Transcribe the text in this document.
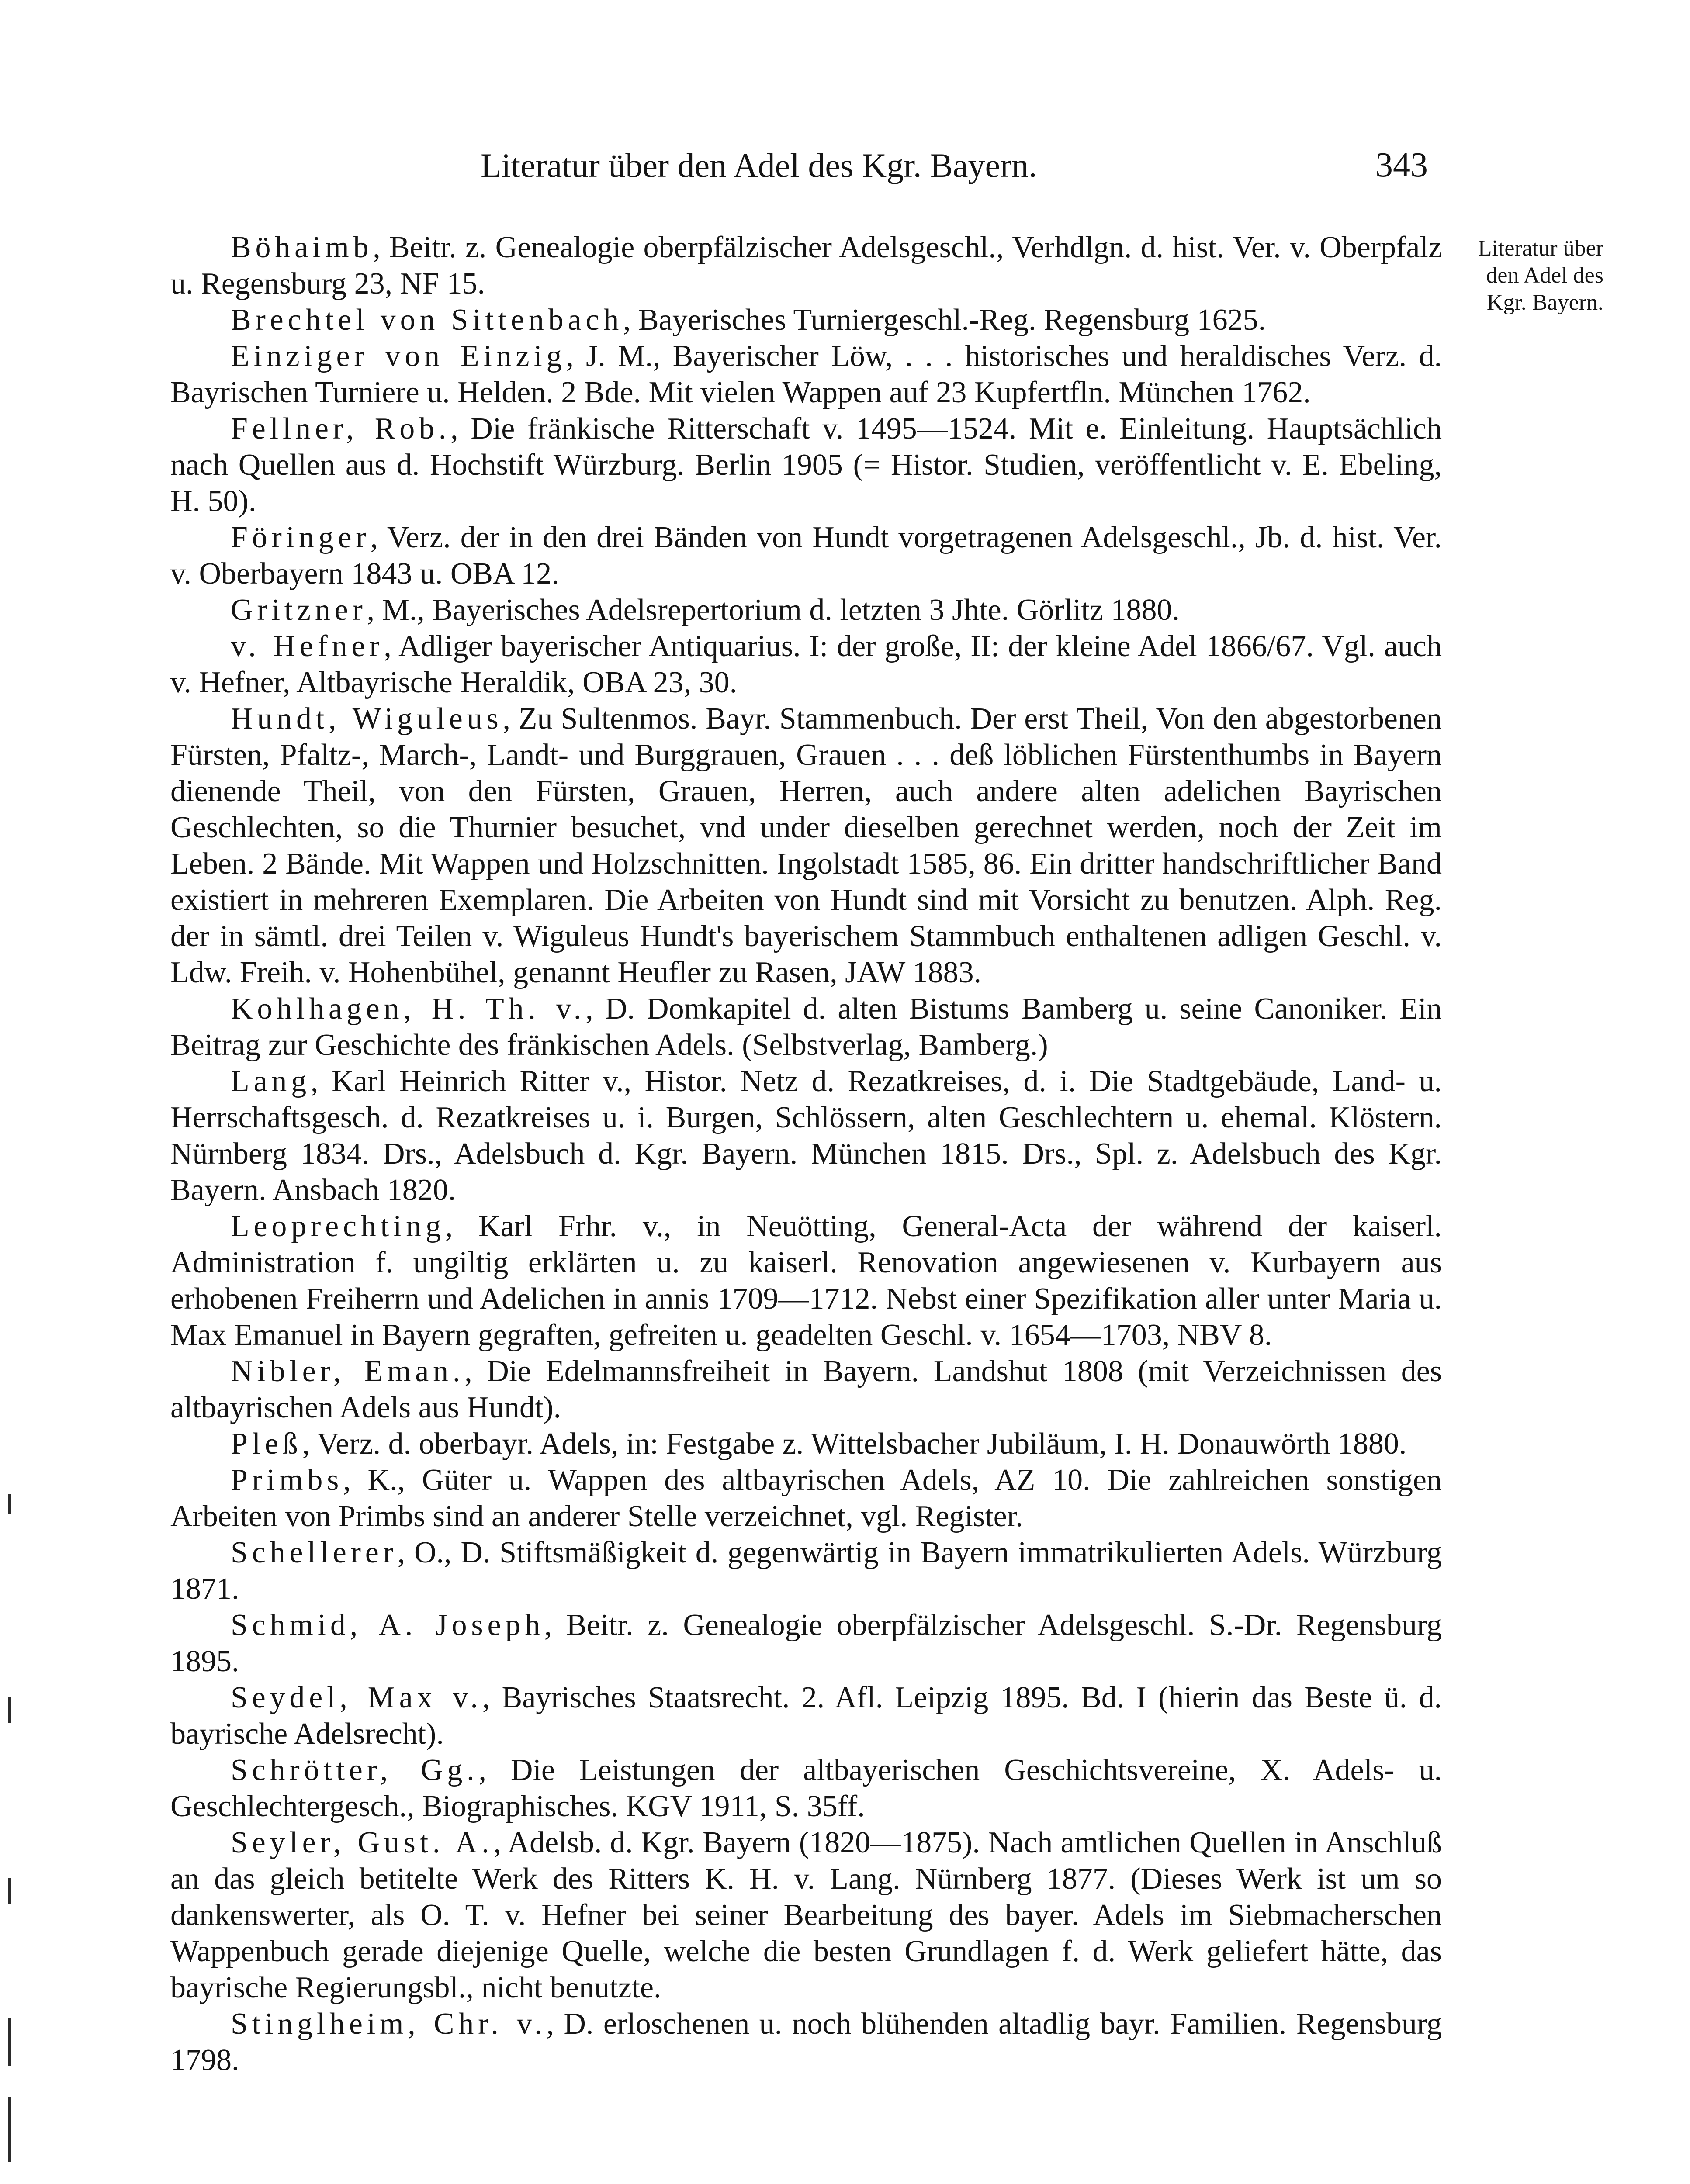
Literatur über den Adel des Kgr. Bayern.	343
Literatur über
den Adel des
Kgr. Bayern.

Böhaimb, Beitr. z. Genealogie oberpfälzischer Adelsgeschl., Verhdlgn. d. hist. Ver. v. Oberpfalz u. Regensburg 23, NF 15.

Brechtel von Sittenbach, Bayerisches Turniergeschl.-Reg. Regensburg 1625.

Einziger von Einzig, J. M., Bayerischer Löw, . . . historisches und heraldisches Verz. d. Bayrischen Turniere u. Helden. 2 Bde. Mit vielen Wappen auf 23 Kupfertfln. München 1762.

Fellner, Rob., Die fränkische Ritterschaft v. 1495—1524. Mit e. Einleitung. Hauptsächlich nach Quellen aus d. Hochstift Würzburg. Berlin 1905 (= Histor. Studien, veröffentlicht v. E. Ebeling, H. 50).

Föringer, Verz. der in den drei Bänden von Hundt vorgetragenen Adelsgeschl., Jb. d. hist. Ver. v. Oberbayern 1843 u. OBA 12.

Gritzner, M., Bayerisches Adelsrepertorium d. letzten 3 Jhte. Görlitz 1880.

v. Hefner, Adliger bayerischer Antiquarius. I: der große, II: der kleine Adel 1866/67. Vgl. auch v. Hefner, Altbayrische Heraldik, OBA 23, 30.

Hundt, Wiguleus, Zu Sultenmos. Bayr. Stammenbuch. Der erst Theil, Von den abgestorbenen Fürsten, Pfaltz-, March-, Landt- und Burggrauen, Grauen . . . deß löblichen Fürstenthumbs in Bayern dienende Theil, von den Fürsten, Grauen, Herren, auch andere alten adelichen Bayrischen Geschlechten, so die Thurnier besuchet, vnd under dieselben gerechnet werden, noch der Zeit im Leben. 2 Bände. Mit Wappen und Holzschnitten. Ingolstadt 1585, 86. Ein dritter handschriftlicher Band existiert in mehreren Exemplaren. Die Arbeiten von Hundt sind mit Vorsicht zu benutzen. Alph. Reg. der in sämtl. drei Teilen v. Wiguleus Hundt's bayerischem Stammbuch enthaltenen adligen Geschl. v. Ldw. Freih. v. Hohenbühel, genannt Heufler zu Rasen, JAW 1883.

Kohlhagen, H. Th. v., D. Domkapitel d. alten Bistums Bamberg u. seine Canoniker. Ein Beitrag zur Geschichte des fränkischen Adels. (Selbstverlag, Bamberg.)

Lang, Karl Heinrich Ritter v., Histor. Netz d. Rezatkreises, d. i. Die Stadtgebäude, Land- u. Herrschaftsgesch. d. Rezatkreises u. i. Burgen, Schlössern, alten Geschlechtern u. ehemal. Klöstern. Nürnberg 1834. Drs., Adelsbuch d. Kgr. Bayern. München 1815. Drs., Spl. z. Adelsbuch des Kgr. Bayern. Ansbach 1820.

Leoprechting, Karl Frhr. v., in Neuötting, General-Acta der während der kaiserl. Administration f. ungiltig erklärten u. zu kaiserl. Renovation angewiesenen v. Kurbayern aus erhobenen Freiherrn und Adelichen in annis 1709—1712. Nebst einer Spezifikation aller unter Maria u. Max Emanuel in Bayern gegraften, gefreiten u. geadelten Geschl. v. 1654—1703, NBV 8.

Nibler, Eman., Die Edelmannsfreiheit in Bayern. Landshut 1808 (mit Verzeichnissen des altbayrischen Adels aus Hundt).

Pleß, Verz. d. oberbayr. Adels, in: Festgabe z. Wittelsbacher Jubiläum, I. H. Donauwörth 1880.

Primbs, K., Güter u. Wappen des altbayrischen Adels, AZ 10. Die zahlreichen sonstigen Arbeiten von Primbs sind an anderer Stelle verzeichnet, vgl. Register.

Schellerer, O., D. Stiftsmäßigkeit d. gegenwärtig in Bayern immatrikulierten Adels. Würzburg 1871.

Schmid, A. Joseph, Beitr. z. Genealogie oberpfälzischer Adelsgeschl. S.-Dr. Regensburg 1895.

Seydel, Max v., Bayrisches Staatsrecht. 2. Afl. Leipzig 1895. Bd. I (hierin das Beste ü. d. bayrische Adelsrecht).

Schrötter, Gg., Die Leistungen der altbayerischen Geschichtsvereine, X. Adels- u. Geschlechtergesch., Biographisches. KGV 1911, S. 35ff.

Seyler, Gust. A., Adelsb. d. Kgr. Bayern (1820—1875). Nach amtlichen Quellen in Anschluß an das gleich betitelte Werk des Ritters K. H. v. Lang. Nürnberg 1877. (Dieses Werk ist um so dankenswerter, als O. T. v. Hefner bei seiner Bearbeitung des bayer. Adels im Siebmacherschen Wappenbuch gerade diejenige Quelle, welche die besten Grundlagen f. d. Werk geliefert hätte, das bayrische Regierungsbl., nicht benutzte.

Stinglheim, Chr. v., D. erloschenen u. noch blühenden altadlig bayr. Familien. Regensburg 1798.
